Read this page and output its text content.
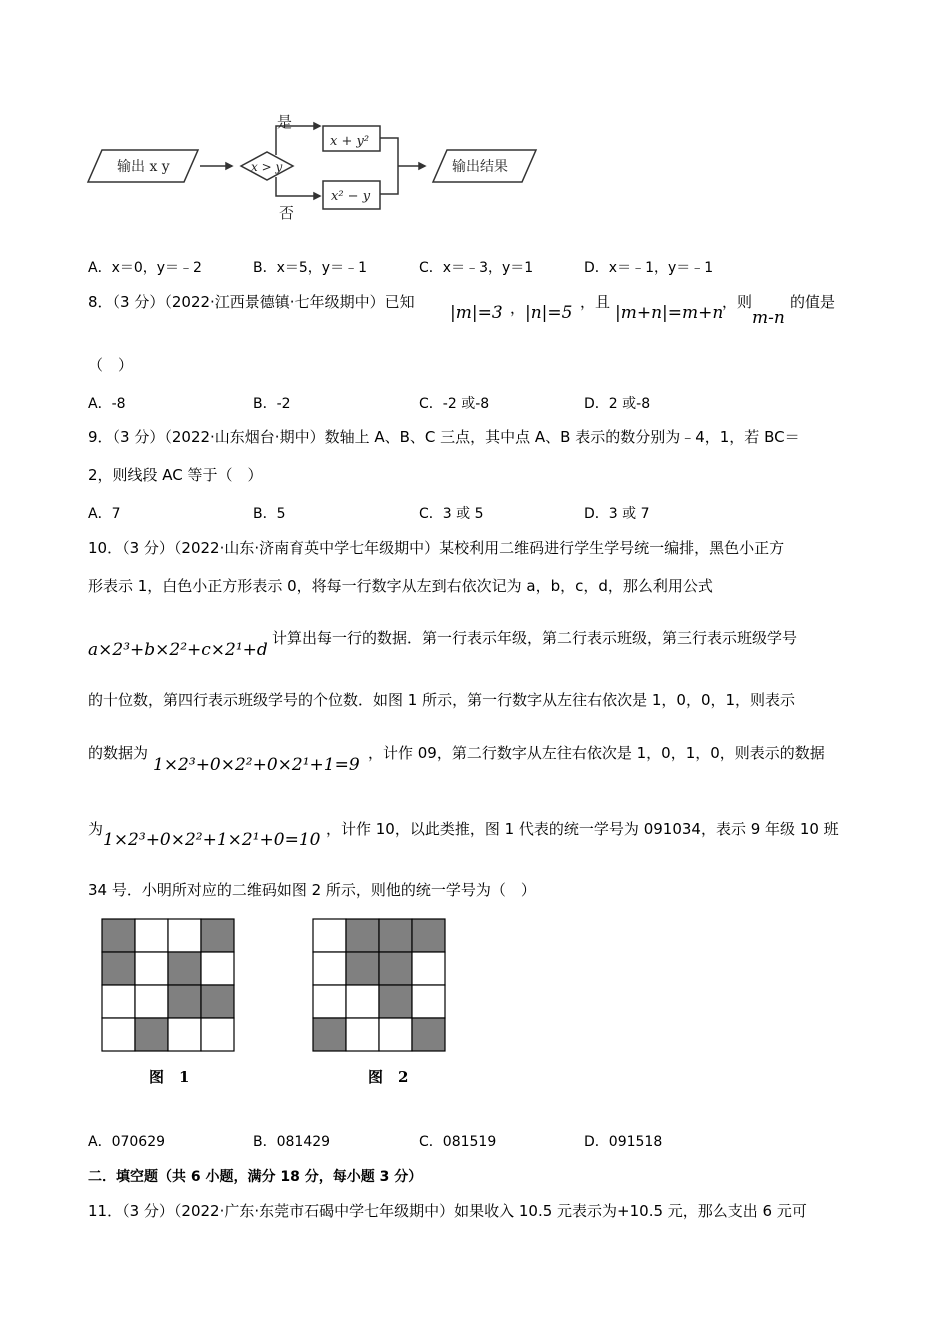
输出 x y
是
否
x > y
x + y²
x² − y
输出结果
A．x＝0，y＝﹣2	B．x＝5，y＝﹣1	C．x＝﹣3，y＝1	D．x＝﹣1，y＝﹣1
8．（3 分）（2022·江西景德镇·七年级期中）已知
|m|=3 ， |n|=5
，且
|m+n|=m+n
，则
m-n
的值是
（　）
A．-8	B．-2	C．-2 或-8	D．2 或-8
9．（3 分）（2022·山东烟台·期中）数轴上 A、B、C 三点，其中点 A、B 表示的数分别为﹣4，1，若 BC＝
2，则线段 AC 等于（　）
A．7	B．5	C．3 或 5	D．3 或 7
10．（3 分）（2022·山东·济南育英中学七年级期中）某校利用二维码进行学生学号统一编排，黑色小正方
形表示 1，白色小正方形表示 0，将每一行数字从左到右依次记为 a，b，c，d，那么利用公式
a×2³+b×2²+c×2¹+d
计算出每一行的数据．第一行表示年级，第二行表示班级，第三行表示班级学号
的十位数，第四行表示班级学号的个位数．如图 1 所示，第一行数字从左往右依次是 1，0，0，1，则表示
的数据为
1×2³+0×2²+0×2¹+1=9
，计作 09，第二行数字从左往右依次是 1，0，1，0，则表示的数据
为
1×2³+0×2²+1×2¹+0=10
，计作 10，以此类推，图 1 代表的统一学号为 091034，表示 9 年级 10 班
34 号．小明所对应的二维码如图 2 所示，则他的统一学号为（　）
图　1	图　2
A．070629	B．081429	C．081519	D．091518
二．填空题（共 6 小题，满分 18 分，每小题 3 分）
11．（3 分）（2022·广东·东莞市石碣中学七年级期中）如果收入 10.5 元表示为+10.5 元，那么支出 6 元可
